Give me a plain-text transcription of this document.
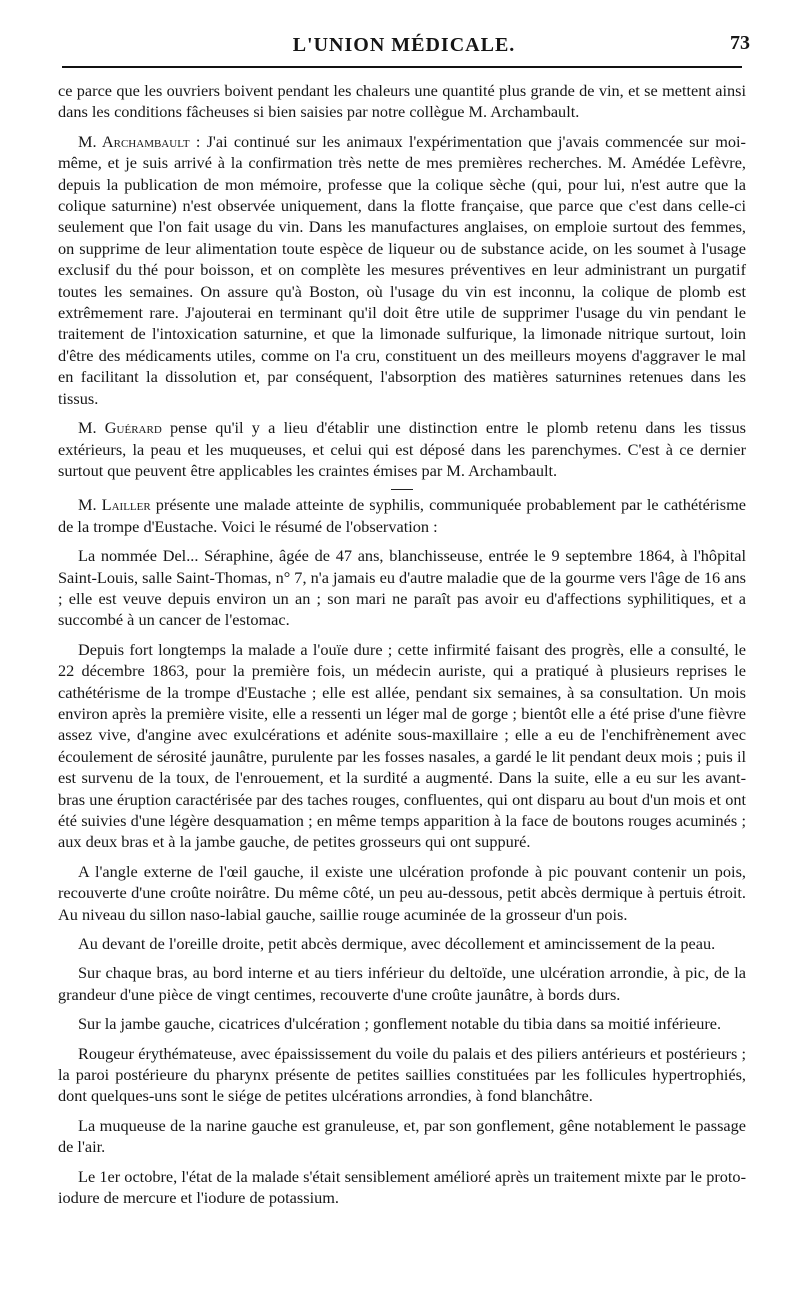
L'UNION MÉDICALE.	73

ce parce que les ouvriers boivent pendant les chaleurs une quantité plus grande de vin, et se mettent ainsi dans les conditions fâcheuses si bien saisies par notre collègue M. Archambault.

M. Archambault : J'ai continué sur les animaux l'expérimentation que j'avais commencée sur moi-même, et je suis arrivé à la confirmation très nette de mes premières recherches. M. Amédée Lefèvre, depuis la publication de mon mémoire, professe que la colique sèche (qui, pour lui, n'est autre que la colique saturnine) n'est observée uniquement, dans la flotte française, que parce que c'est dans celle-ci seulement que l'on fait usage du vin. Dans les manufactures anglaises, on emploie surtout des femmes, on supprime de leur alimentation toute espèce de liqueur ou de substance acide, on les soumet à l'usage exclusif du thé pour boisson, et on complète les mesures préventives en leur administrant un purgatif toutes les semaines. On assure qu'à Boston, où l'usage du vin est inconnu, la colique de plomb est extrêmement rare. J'ajouterai en terminant qu'il doit être utile de supprimer l'usage du vin pendant le traitement de l'intoxication saturnine, et que la limonade sulfurique, la limonade nitrique surtout, loin d'être des médicaments utiles, comme on l'a cru, constituent un des meilleurs moyens d'aggraver le mal en facilitant la dissolution et, par conséquent, l'absorption des matières saturnines retenues dans les tissus.

M. Guérard pense qu'il y a lieu d'établir une distinction entre le plomb retenu dans les tissus extérieurs, la peau et les muqueuses, et celui qui est déposé dans les parenchymes. C'est à ce dernier surtout que peuvent être applicables les craintes émises par M. Archambault.

M. Lailler présente une malade atteinte de syphilis, communiquée probablement par le cathétérisme de la trompe d'Eustache. Voici le résumé de l'observation :

La nommée Del... Séraphine, âgée de 47 ans, blanchisseuse, entrée le 9 septembre 1864, à l'hôpital Saint-Louis, salle Saint-Thomas, n° 7, n'a jamais eu d'autre maladie que de la gourme vers l'âge de 16 ans ; elle est veuve depuis environ un an ; son mari ne paraît pas avoir eu d'affections syphilitiques, et a succombé à un cancer de l'estomac.

Depuis fort longtemps la malade a l'ouïe dure ; cette infirmité faisant des progrès, elle a consulté, le 22 décembre 1863, pour la première fois, un médecin auriste, qui a pratiqué à plusieurs reprises le cathétérisme de la trompe d'Eustache ; elle est allée, pendant six semaines, à sa consultation. Un mois environ après la première visite, elle a ressenti un léger mal de gorge ; bientôt elle a été prise d'une fièvre assez vive, d'angine avec exulcérations et adénite sous-maxillaire ; elle a eu de l'enchifrènement avec écoulement de sérosité jaunâtre, purulente par les fosses nasales, a gardé le lit pendant deux mois ; puis il est survenu de la toux, de l'enrouement, et la surdité a augmenté. Dans la suite, elle a eu sur les avant-bras une éruption caractérisée par des taches rouges, confluentes, qui ont disparu au bout d'un mois et ont été suivies d'une légère desquamation ; en même temps apparition à la face de boutons rouges acuminés ; aux deux bras et à la jambe gauche, de petites grosseurs qui ont suppuré.

A l'angle externe de l'œil gauche, il existe une ulcération profonde à pic pouvant contenir un pois, recouverte d'une croûte noirâtre. Du même côté, un peu au-dessous, petit abcès dermique à pertuis étroit. Au niveau du sillon naso-labial gauche, saillie rouge acuminée de la grosseur d'un pois.

Au devant de l'oreille droite, petit abcès dermique, avec décollement et amincissement de la peau.

Sur chaque bras, au bord interne et au tiers inférieur du deltoïde, une ulcération arrondie, à pic, de la grandeur d'une pièce de vingt centimes, recouverte d'une croûte jaunâtre, à bords durs.

Sur la jambe gauche, cicatrices d'ulcération ; gonflement notable du tibia dans sa moitié inférieure.

Rougeur érythémateuse, avec épaississement du voile du palais et des piliers antérieurs et postérieurs ; la paroi postérieure du pharynx présente de petites saillies constituées par les follicules hypertrophiés, dont quelques-uns sont le siége de petites ulcérations arrondies, à fond blanchâtre.

La muqueuse de la narine gauche est granuleuse, et, par son gonflement, gêne notablement le passage de l'air.

Le 1er octobre, l'état de la malade s'était sensiblement amélioré après un traitement mixte par le proto-iodure de mercure et l'iodure de potassium.
